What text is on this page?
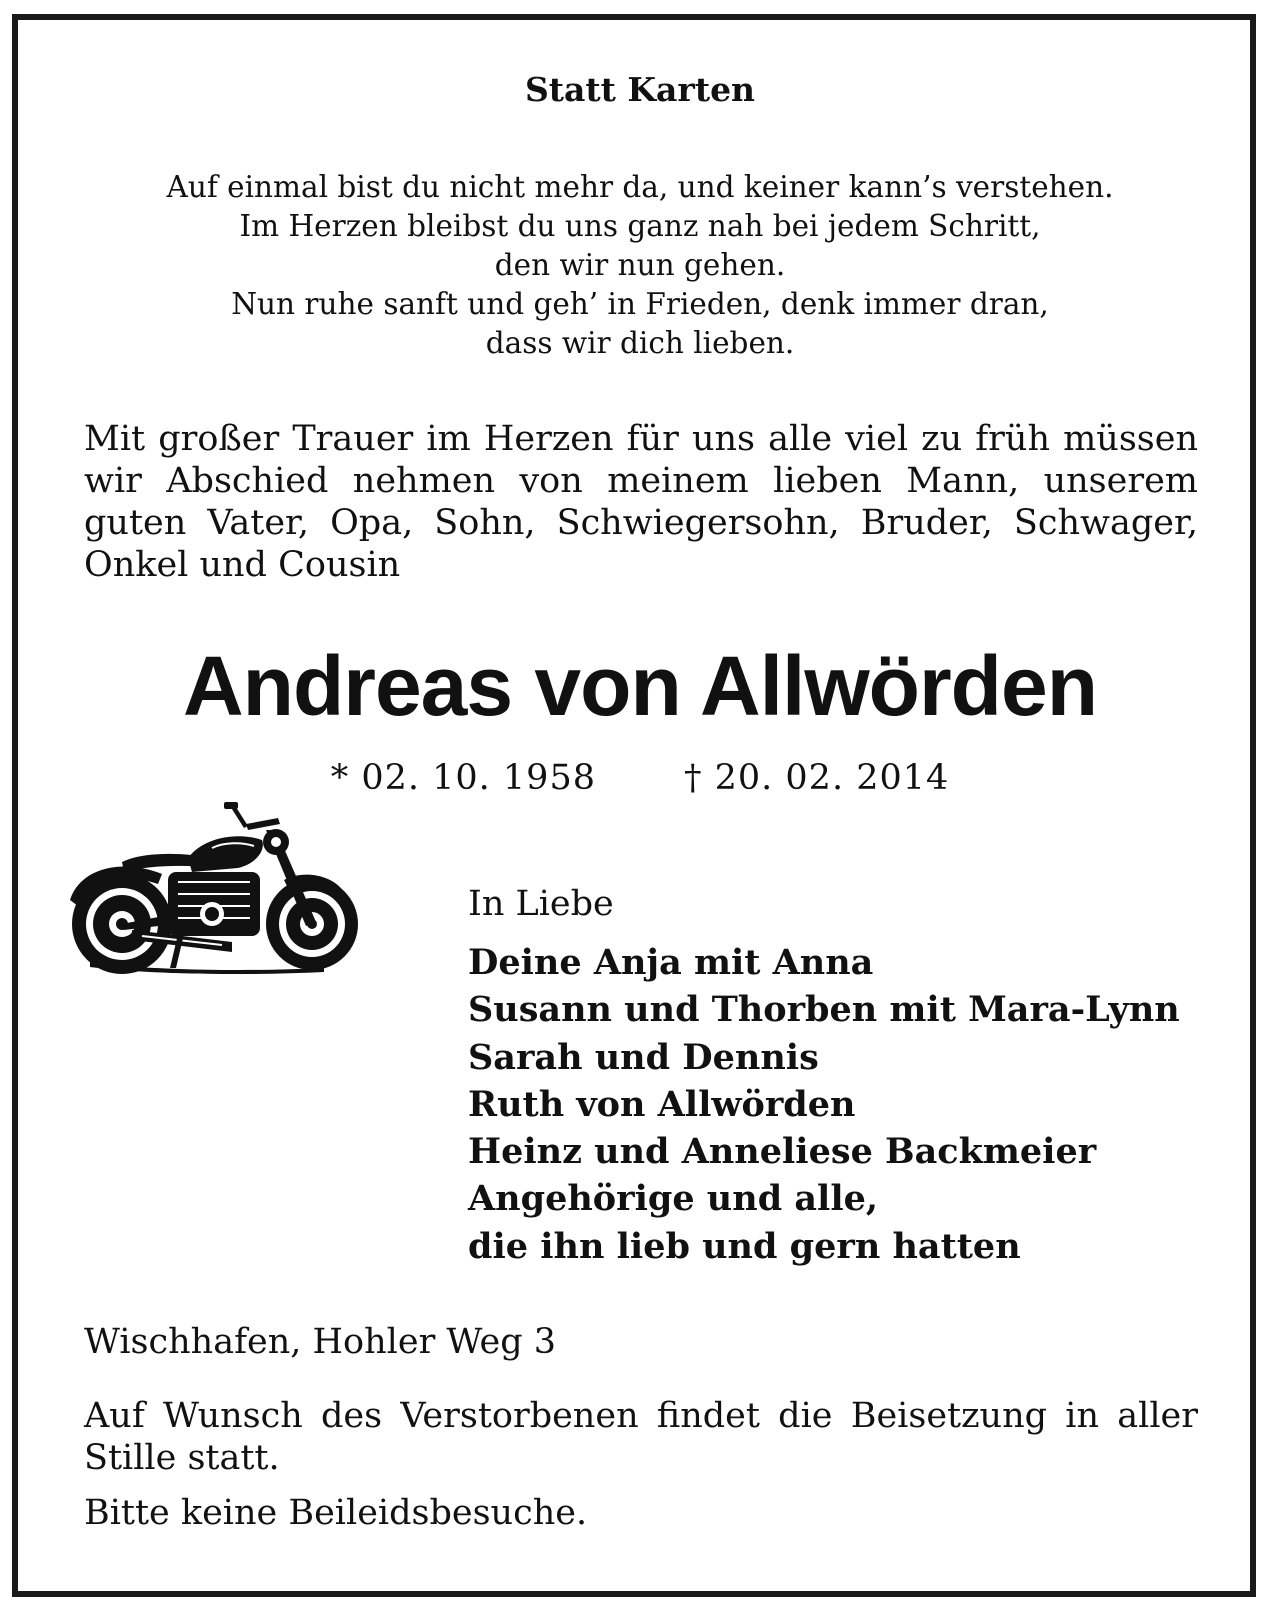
Statt Karten
Auf einmal bist du nicht mehr da, und keiner kann’s verstehen.
Im Herzen bleibst du uns ganz nah bei jedem Schritt,
den wir nun gehen.
Nun ruhe sanft und geh’ in Frieden, denk immer dran,
dass wir dich lieben.
Mit großer Trauer im Herzen für uns alle viel zu früh müssen wir Abschied nehmen von meinem lieben Mann, unserem guten Vater, Opa, Sohn, Schwiegersohn, Bruder, Schwager, Onkel und Cousin
Andreas von Allwörden
* 02. 10. 1958	† 20. 02. 2014
In Liebe
Deine Anja mit Anna
Susann und Thorben mit Mara-Lynn
Sarah und Dennis
Ruth von Allwörden
Heinz und Anneliese Backmeier
Angehörige und alle,
die ihn lieb und gern hatten
Wischhafen, Hohler Weg 3
Auf Wunsch des Verstorbenen findet die Beisetzung in aller Stille statt.
Bitte keine Beileidsbesuche.
